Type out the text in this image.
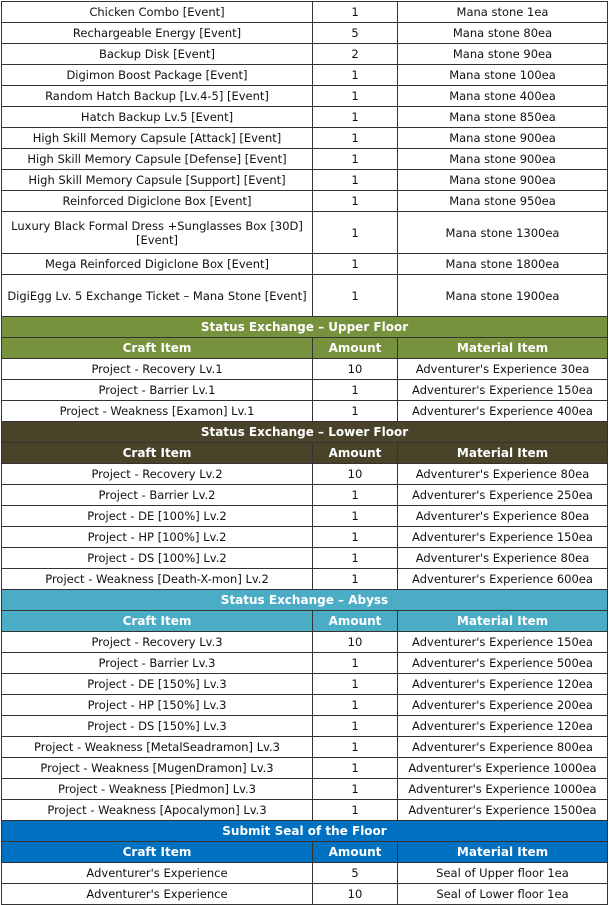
Chicken Combo [Event]	1	Mana stone 1ea
Rechargeable Energy [Event]	5	Mana stone 80ea
Backup Disk [Event]	2	Mana stone 90ea
Digimon Boost Package [Event]	1	Mana stone 100ea
Random Hatch Backup [Lv.4-5] [Event]	1	Mana stone 400ea
Hatch Backup Lv.5 [Event]	1	Mana stone 850ea
High Skill Memory Capsule [Attack] [Event]	1	Mana stone 900ea
High Skill Memory Capsule [Defense] [Event]	1	Mana stone 900ea
High Skill Memory Capsule [Support] [Event]	1	Mana stone 900ea
Reinforced Digiclone Box [Event]	1	Mana stone 950ea
Luxury Black Formal Dress +Sunglasses Box [30D] [Event]	1	Mana stone 1300ea
Mega Reinforced Digiclone Box [Event]	1	Mana stone 1800ea
DigiEgg Lv. 5 Exchange Ticket – Mana Stone [Event]	1	Mana stone 1900ea
Status Exchange – Upper Floor		
Craft Item	Amount	Material Item
Project - Recovery Lv.1	10	Adventurer's Experience 30ea
Project - Barrier Lv.1	1	Adventurer's Experience 150ea
Project - Weakness [Examon] Lv.1	1	Adventurer's Experience 400ea
Status Exchange – Lower Floor		
Craft Item	Amount	Material Item
Project - Recovery Lv.2	10	Adventurer's Experience 80ea
Project - Barrier Lv.2	1	Adventurer's Experience 250ea
Project - DE [100%] Lv.2	1	Adventurer's Experience 80ea
Project - HP [100%] Lv.2	1	Adventurer's Experience 150ea
Project - DS [100%] Lv.2	1	Adventurer's Experience 80ea
Project - Weakness [Death-X-mon] Lv.2	1	Adventurer's Experience 600ea
Status Exchange – Abyss		
Craft Item	Amount	Material Item
Project - Recovery Lv.3	10	Adventurer's Experience 150ea
Project - Barrier Lv.3	1	Adventurer's Experience 500ea
Project - DE [150%] Lv.3	1	Adventurer's Experience 120ea
Project - HP [150%] Lv.3	1	Adventurer's Experience 200ea
Project - DS [150%] Lv.3	1	Adventurer's Experience 120ea
Project - Weakness [MetalSeadramon] Lv.3	1	Adventurer's Experience 800ea
Project - Weakness [MugenDramon] Lv.3	1	Adventurer's Experience 1000ea
Project - Weakness [Piedmon] Lv.3	1	Adventurer's Experience 1000ea
Project - Weakness [Apocalymon] Lv.3	1	Adventurer's Experience 1500ea
Submit Seal of the Floor		
Craft Item	Amount	Material Item
Adventurer's Experience	5	Seal of Upper floor 1ea
Adventurer's Experience	10	Seal of Lower floor 1ea
